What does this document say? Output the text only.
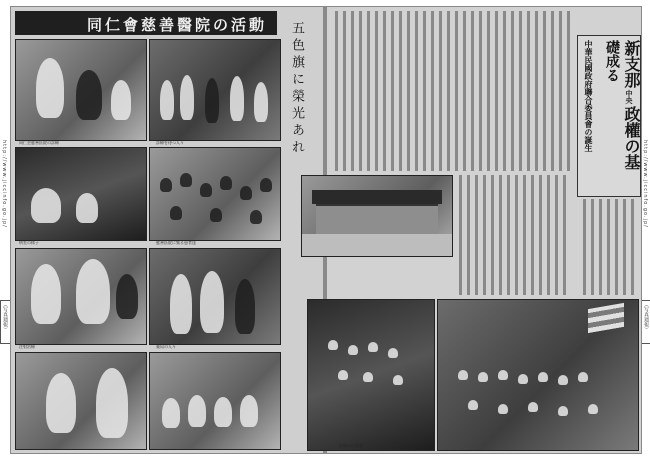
http://www.jiccinfo.go.jp/
（写真週報）
http://www.jiccinfo.go.jp/
（写真週報）
同仁會慈善醫院の活動
同仁会慈善医院の診療	診療を待つ人々
病室の様子	慈善医院に集る患者達
注射治療	薬局の人々
五色旗に榮光あれ	新支那
中央
政權の基
礎成る
中華民國政府聯合委員會の誕生
会場内の光景
